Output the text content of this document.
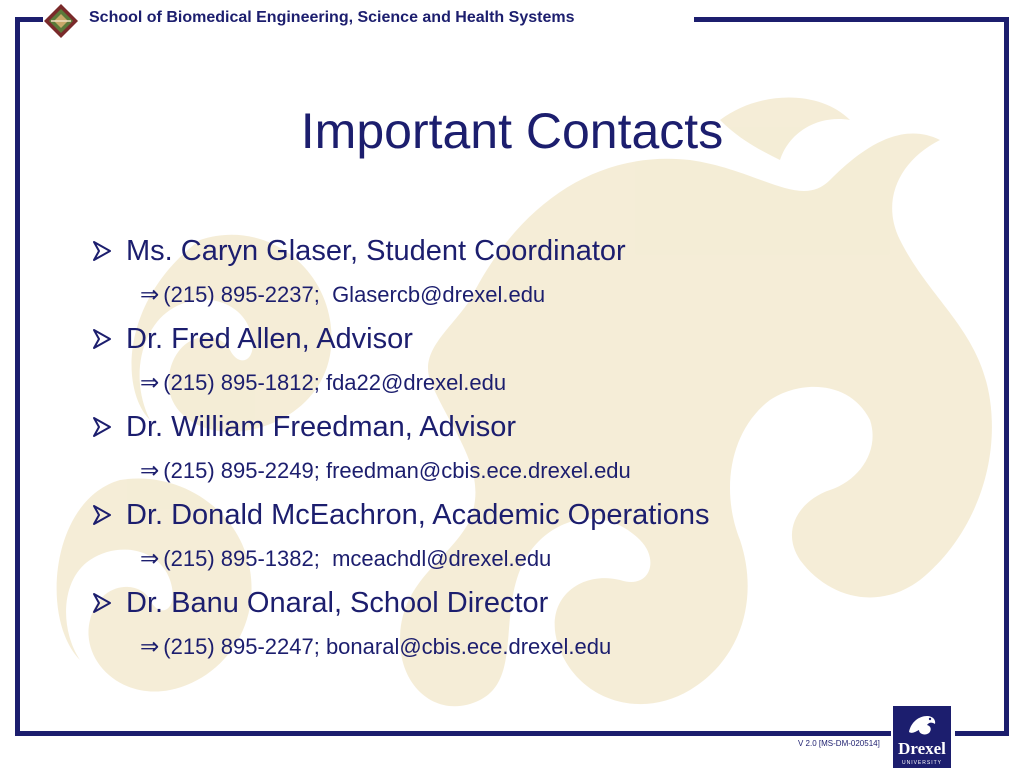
School of Biomedical Engineering, Science and Health Systems
Important Contacts
Ms. Caryn Glaser, Student Coordinator
⇒ (215) 895-2237;  Glasercb@drexel.edu
Dr. Fred Allen, Advisor
⇒ (215) 895-1812; fda22@drexel.edu
Dr. William Freedman, Advisor
⇒ (215) 895-2249; freedman@cbis.ece.drexel.edu
Dr. Donald McEachron, Academic Operations
⇒ (215) 895-1382;  mceachdl@drexel.edu
Dr. Banu Onaral, School Director
⇒ (215) 895-2247; bonaral@cbis.ece.drexel.edu
V 2.0 [MS-DM-020514] Drexel
UNIVERSITY
